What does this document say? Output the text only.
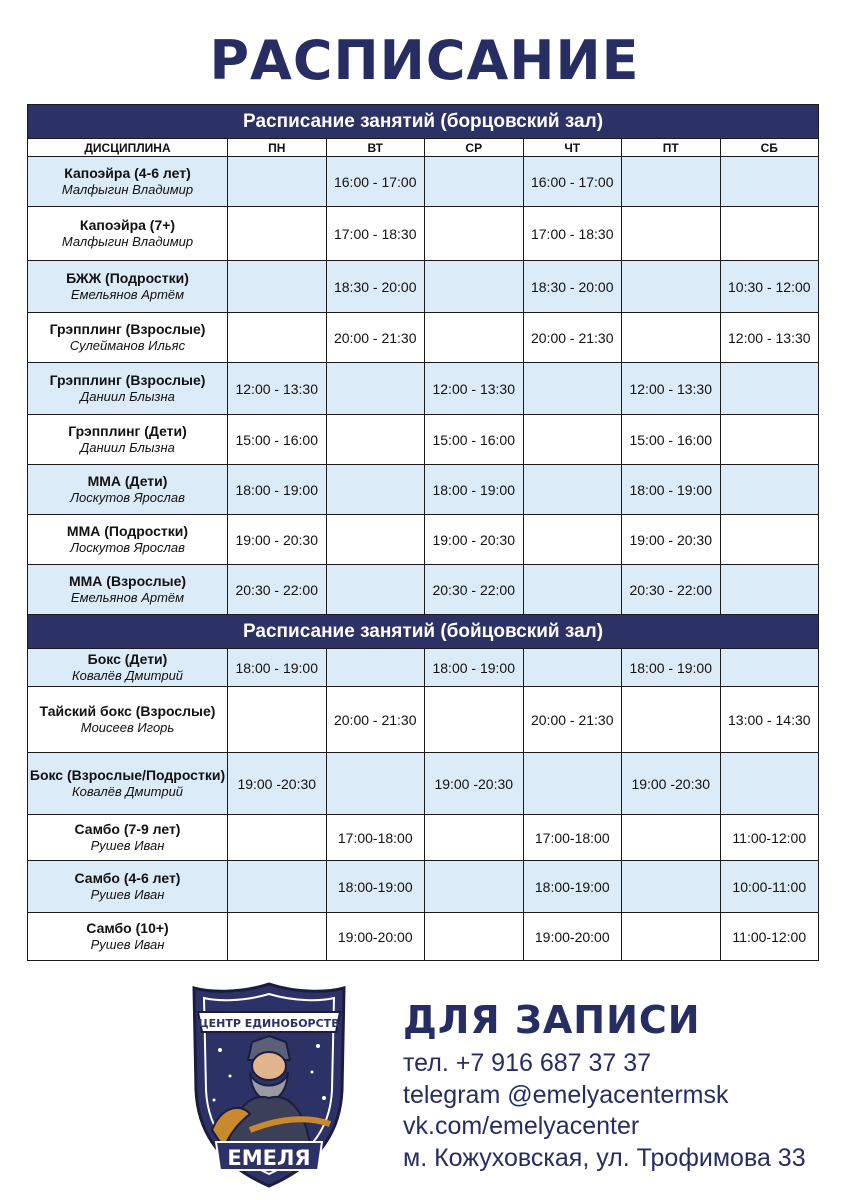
РАСПИСАНИЕ
Расписание занятий (борцовский зал)						
ДИСЦИПЛИНА	ПН	ВТ	СР	ЧТ	ПТ	СБ

Капоэйра (4-6 лет)
Малфыгин Владимир		16:00 - 17:00		16:00 - 17:00		

Капоэйра (7+)
Малфыгин Владимир		17:00 - 18:30		17:00 - 18:30		

БЖЖ (Подростки)
Емельянов Артём		18:30 - 20:00		18:30 - 20:00		10:30 - 12:00

Грэпплинг (Взрослые)
Сулейманов Ильяс		20:00 - 21:30		20:00 - 21:30		12:00 - 13:30

Грэпплинг (Взрослые)
Даниил Блызна	12:00 - 13:30		12:00 - 13:30		12:00 - 13:30	

Грэпплинг (Дети)
Даниил Блызна	15:00 - 16:00		15:00 - 16:00		15:00 - 16:00	

ММА (Дети)
Лоскутов Ярослав	18:00 - 19:00		18:00 - 19:00		18:00 - 19:00	

ММА (Подростки)
Лоскутов Ярослав	19:00 - 20:30		19:00 - 20:30		19:00 - 20:30	

ММА (Взрослые)
Емельянов Артём	20:30 - 22:00		20:30 - 22:00		20:30 - 22:00	
Расписание занятий (бойцовский зал)						

Бокс (Дети)
Ковалёв Дмитрий	18:00 - 19:00		18:00 - 19:00		18:00 - 19:00	

Тайский бокс (Взрослые)
Моисеев Игорь		20:00 - 21:30		20:00 - 21:30		13:00 - 14:30

Бокс (Взрослые/Подростки)
Ковалёв Дмитрий	19:00 -20:30		19:00 -20:30		19:00 -20:30	

Самбо (7-9 лет)
Рушев Иван		17:00-18:00		17:00-18:00		11:00-12:00

Самбо (4-6 лет)
Рушев Иван		18:00-19:00		18:00-19:00		10:00-11:00

Самбо (10+)
Рушев Иван		19:00-20:00		19:00-20:00		11:00-12:00
ЦЕНТР ЕДИНОБОРСТВ
ЕМЕЛЯ
ДЛЯ ЗАПИСИ
тел. +7 916 687 37 37
telegram @emelyacentermsk
vk.com/emelyacenter
м. Кожуховская, ул. Трофимова 33
